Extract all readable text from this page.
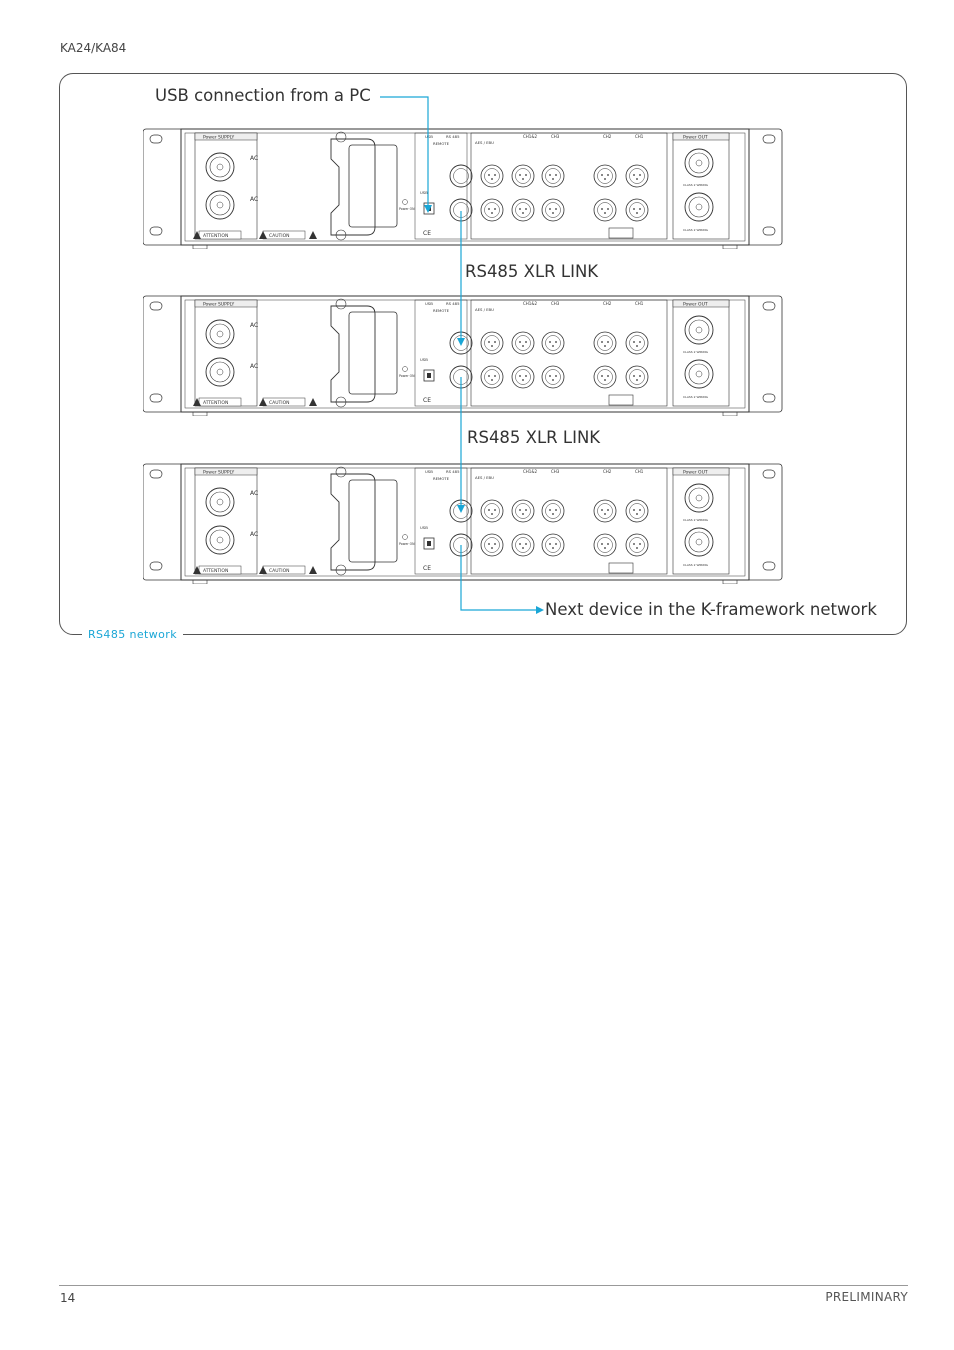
KA24/KA84
RS485 network
USB connection from a PC
RS485 XLR LINK
RS485 XLR LINK
Next device in the K-framework network
Power SUPPLY
AC
AC
ATTENTION	CAUTION
USB	RS 485
REMOTE
USB
Power ON
CE
AES / EBU
CH1&2	CH3	CH2	CH1	Power OUT
CLASS 2 WIRING
CLASS 2 WIRING
Power SUPPLY
AC
AC
ATTENTION	CAUTION
USB	RS 485
REMOTE
USB
Power ON
CE
AES / EBU
CH1&2	CH3	CH2	CH1	Power OUT
CLASS 2 WIRING
CLASS 2 WIRING
Power SUPPLY
AC
AC
ATTENTION	CAUTION
USB	RS 485
REMOTE
USB
Power ON
CE
AES / EBU
CH1&2	CH3	CH2	CH1	Power OUT
CLASS 2 WIRING
CLASS 2 WIRING
14	PRELIMINARY
